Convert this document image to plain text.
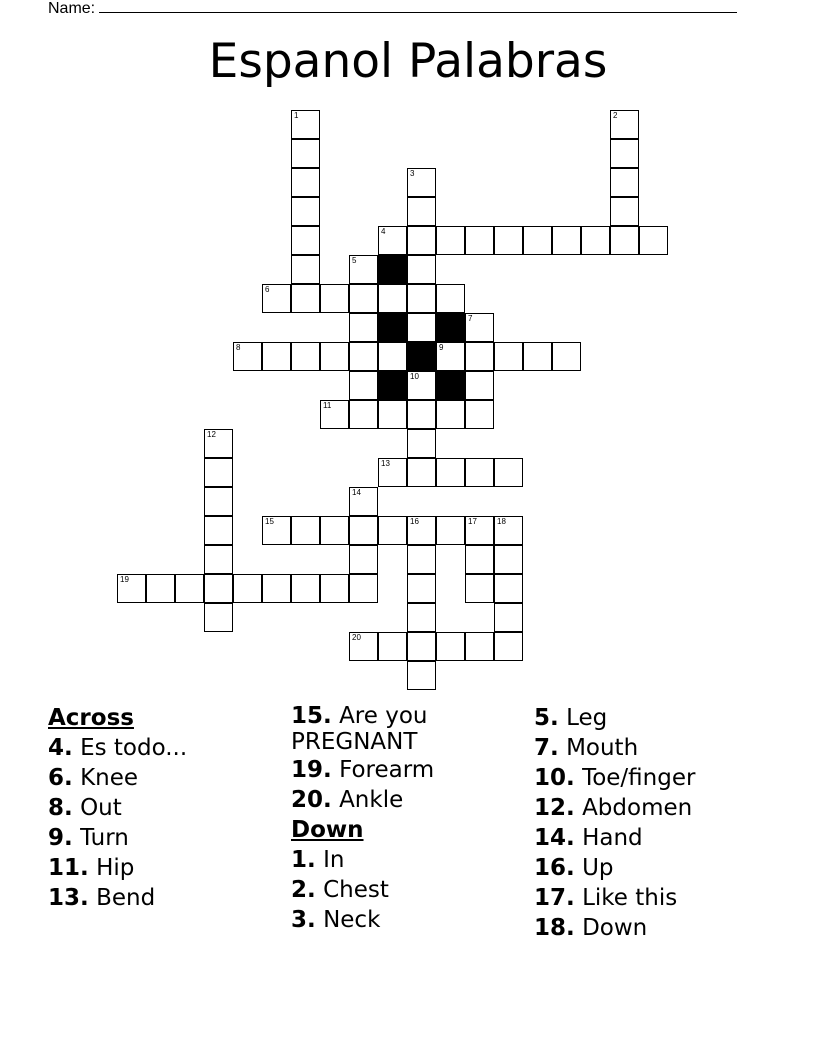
Name:
Espanol Palabras
1	2
3
4
5
6
7
8	9
10
11
12
13
14
15	16	17	18
19
20
Across
4. Es todo...
6. Knee
8. Out
9. Turn
11. Hip
13. Bend
15. Are you PREGNANT
19. Forearm
20. Ankle
Down
1. In
2. Chest
3. Neck
5. Leg
7. Mouth
10. Toe/finger
12. Abdomen
14. Hand
16. Up
17. Like this
18. Down
